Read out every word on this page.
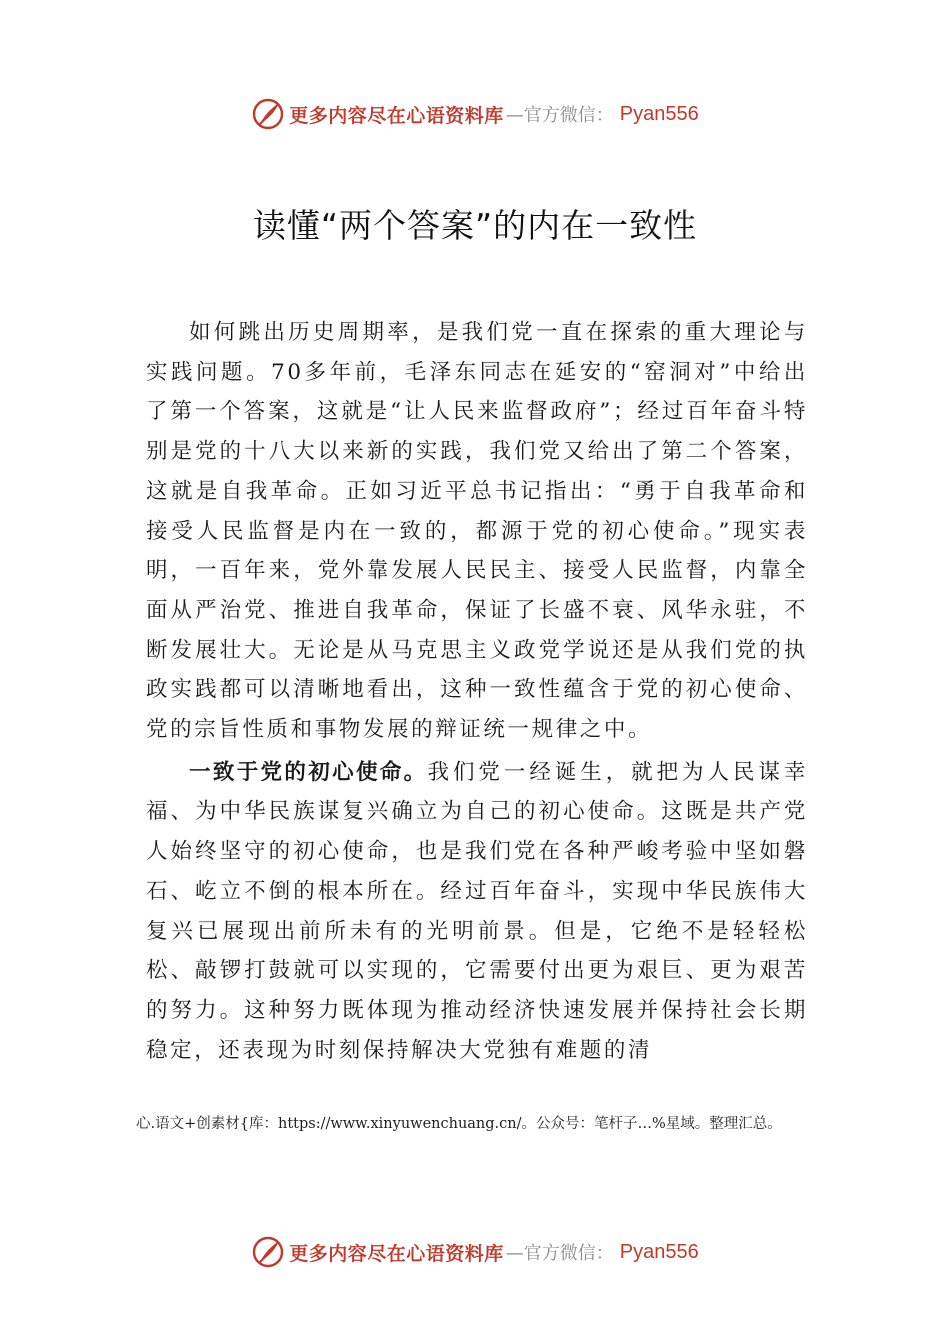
更多内容尽在心语资料库 —官方微信： Pyan556
读懂“两个答案”的内在一致性

如何跳出历史周期率，是我们党一直在探索的重大理论与实践问题。70多年前，毛泽东同志在延安的“窑洞对”中给出了第一个答案，这就是“让人民来监督政府”；经过百年奋斗特别是党的十八大以来新的实践，我们党又给出了第二个答案，这就是自我革命。正如习近平总书记指出：“勇于自我革命和接受人民监督是内在一致的，都源于党的初心使命。”现实表明，一百年来，党外靠发展人民民主、接受人民监督，内靠全面从严治党、推进自我革命，保证了长盛不衰、风华永驻，不断发展壮大。无论是从马克思主义政党学说还是从我们党的执政实践都可以清晰地看出，这种一致性蕴含于党的初心使命、党的宗旨性质和事物发展的辩证统一规律之中。

一致于党的初心使命。我们党一经诞生，就把为人民谋幸福、为中华民族谋复兴确立为自己的初心使命。这既是共产党人始终坚守的初心使命，也是我们党在各种严峻考验中坚如磐石、屹立不倒的根本所在。经过百年奋斗，实现中华民族伟大复兴已展现出前所未有的光明前景。但是，它绝不是轻轻松松、敲锣打鼓就可以实现的，它需要付出更为艰巨、更为艰苦的努力。这种努力既体现为推动经济快速发展并保持社会长期稳定，还表现为时刻保持解决大党独有难题的清

心.语文+创素材{库：https://www.xinyuwenchuang.cn/。公众号：笔杆子…%星域。整理汇总。

更多内容尽在心语资料库 —官方微信： Pyan556
